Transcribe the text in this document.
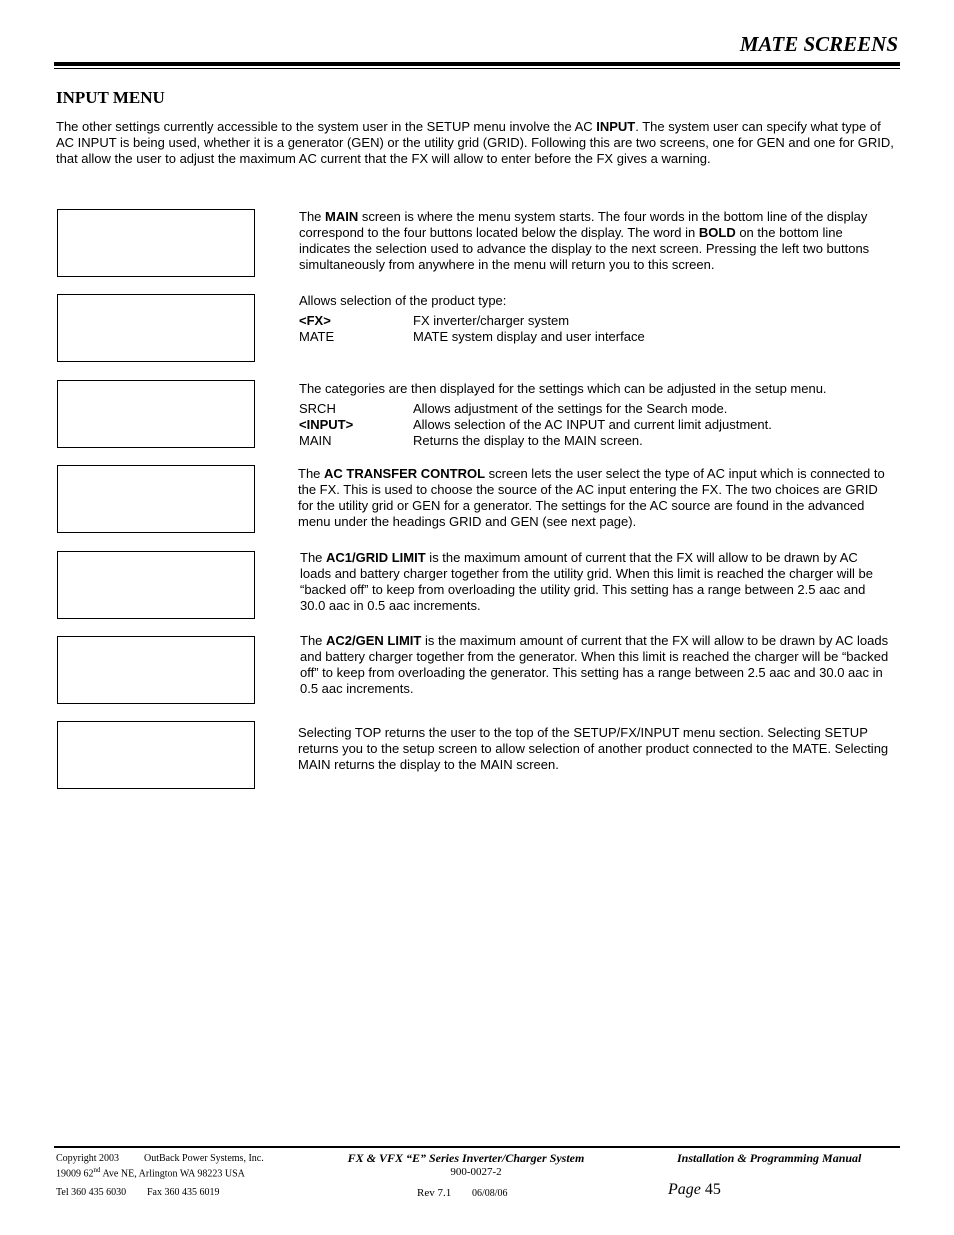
MATE SCREENS
INPUT MENU
The other settings currently accessible to the system user in the SETUP menu involve the AC INPUT. The system user can specify what type of AC INPUT is being used, whether it is a generator (GEN) or the utility grid (GRID). Following this are two screens, one for GEN and one for GRID, that allow the user to adjust the maximum AC current that the FX will allow to enter before the FX gives a warning.
The MAIN screen is where the menu system starts. The four words in the bottom line of the display correspond to the four buttons located below the display. The word in BOLD on the bottom line indicates the selection used to advance the display to the next screen. Pressing the left two buttons simultaneously from anywhere in the menu will return you to this screen.
Allows selection of the product type:
<FX>	FX inverter/charger system
MATE	MATE system display and user interface
The categories are then displayed for the settings which can be adjusted in the setup menu.
SRCH	Allows adjustment of the settings for the Search mode.
<INPUT>	Allows selection of the AC INPUT and current limit adjustment.
MAIN	Returns the display to the MAIN screen.
The AC TRANSFER CONTROL screen lets the user select the type of AC input which is connected to the FX. This is used to choose the source of the AC input entering the FX. The two choices are GRID for the utility grid or GEN for a generator. The settings for the AC source are found in the advanced menu under the headings GRID and GEN (see next page).
The AC1/GRID LIMIT is the maximum amount of current that the FX will allow to be drawn by AC loads and battery charger together from the utility grid. When this limit is reached the charger will be “backed off” to keep from overloading the utility grid. This setting has a range between 2.5 aac and 30.0 aac in 0.5 aac increments.
The AC2/GEN LIMIT is the maximum amount of current that the FX will allow to be drawn by AC loads and battery charger together from the generator. When this limit is reached the charger will be “backed off” to keep from overloading the generator. This setting has a range between 2.5 aac and 30.0 aac in 0.5 aac increments.
Selecting TOP returns the user to the top of the SETUP/FX/INPUT menu section. Selecting SETUP returns you to the setup screen to allow selection of another product connected to the MATE. Selecting MAIN returns the display to the MAIN screen.
Copyright 2003 OutBack Power Systems, Inc.
19009 62nd Ave NE, Arlington WA 98223 USA
Tel 360 435 6030 Fax 360 435 6019
FX & VFX “E” Series Inverter/Charger System
900-0027-2
Rev 7.1 06/08/06
Installation & Programming Manual
Page 45
